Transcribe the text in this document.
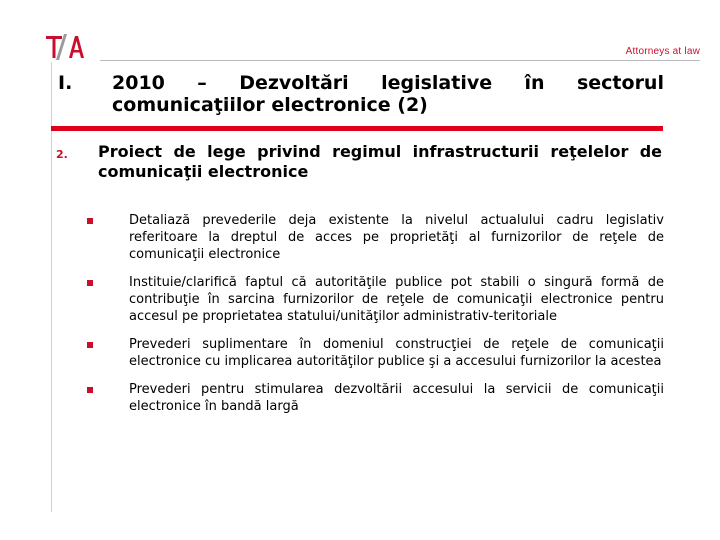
Attorneys at law
I. 2010 – Dezvoltări legislative în sectorul
comunicaţiilor electronice (2)
2. Proiect de lege privind regimul infrastructurii reţelelor de comunicaţii electronice
Detaliază prevederile deja existente la nivelul actualului cadru legislativ referitoare la dreptul de acces pe proprietăţi al furnizorilor de reţele de comunicaţii electronice
Instituie/clarifică faptul că autorităţile publice pot stabili o singură formă de contribuţie în sarcina furnizorilor de reţele de comunicaţii electronice pentru accesul pe proprietatea statului/unităţilor administrativ-teritoriale
Prevederi suplimentare în domeniul construcţiei de reţele de comunicaţii electronice cu implicarea autorităţilor publice şi a accesului furnizorilor la acestea
Prevederi pentru stimularea dezvoltării accesului la servicii de comunicaţii electronice în bandă largă
